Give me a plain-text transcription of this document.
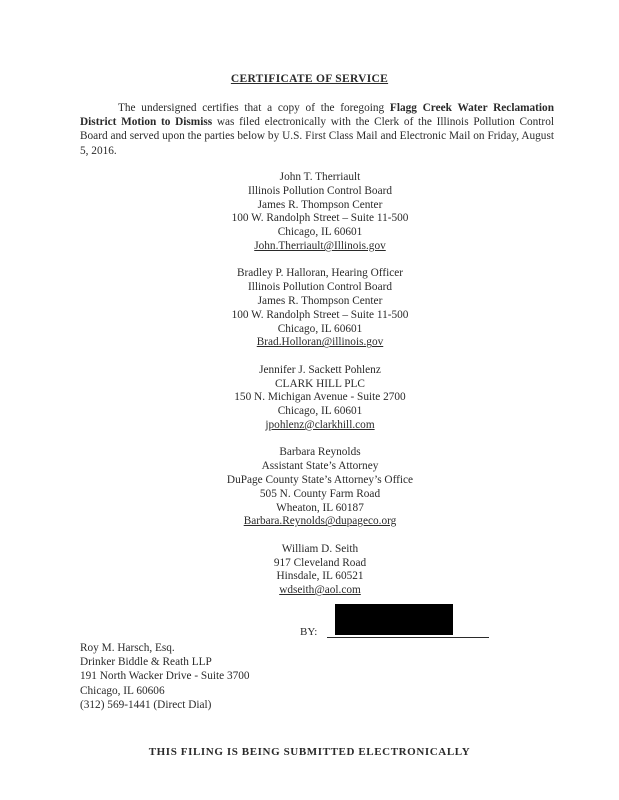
CERTIFICATE OF SERVICE
The undersigned certifies that a copy of the foregoing Flagg Creek Water Reclamation District Motion to Dismiss was filed electronically with the Clerk of the Illinois Pollution Control Board and served upon the parties below by U.S. First Class Mail and Electronic Mail on Friday, August 5, 2016.
John T. Therriault
Illinois Pollution Control Board
James R. Thompson Center
100 W. Randolph Street – Suite 11-500
Chicago, IL 60601
John.Therriault@Illinois.gov
Bradley P. Halloran, Hearing Officer
Illinois Pollution Control Board
James R. Thompson Center
100 W. Randolph Street – Suite 11-500
Chicago, IL 60601
Brad.Holloran@illinois.gov
Jennifer J. Sackett Pohlenz
CLARK HILL PLC
150 N. Michigan Avenue - Suite 2700
Chicago, IL 60601
jpohlenz@clarkhill.com
Barbara Reynolds
Assistant State’s Attorney
DuPage County State’s Attorney’s Office
505 N. County Farm Road
Wheaton, IL 60187
Barbara.Reynolds@dupageco.org
William D. Seith
917 Cleveland Road
Hinsdale, IL 60521
wdseith@aol.com
BY:
Roy M. Harsch, Esq.
Drinker Biddle & Reath LLP
191 North Wacker Drive - Suite 3700
Chicago, IL 60606
(312) 569-1441 (Direct Dial)
THIS FILING IS BEING SUBMITTED ELECTRONICALLY
